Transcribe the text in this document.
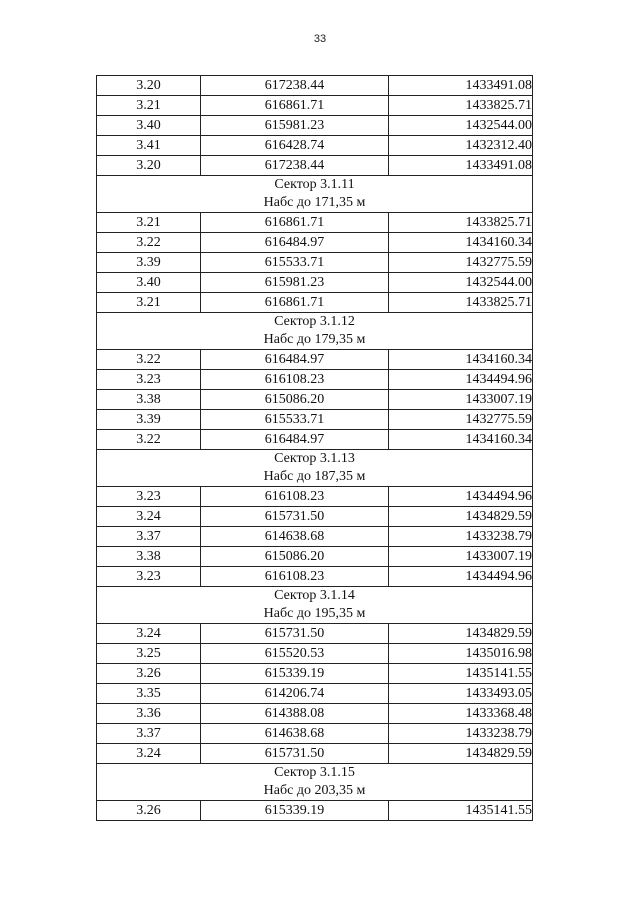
33
3.20	617238.44	1433491.08
3.21	616861.71	1433825.71
3.40	615981.23	1432544.00
3.41	616428.74	1432312.40
3.20	617238.44	1433491.08

Сектор 3.1.11
Набс до 171,35 м		

3.21	616861.71	1433825.71
3.22	616484.97	1434160.34
3.39	615533.71	1432775.59
3.40	615981.23	1432544.00
3.21	616861.71	1433825.71

Сектор 3.1.12
Набс до 179,35 м		

3.22	616484.97	1434160.34
3.23	616108.23	1434494.96
3.38	615086.20	1433007.19
3.39	615533.71	1432775.59
3.22	616484.97	1434160.34

Сектор 3.1.13
Набс до 187,35 м		

3.23	616108.23	1434494.96
3.24	615731.50	1434829.59
3.37	614638.68	1433238.79
3.38	615086.20	1433007.19
3.23	616108.23	1434494.96

Сектор 3.1.14
Набс до 195,35 м		

3.24	615731.50	1434829.59
3.25	615520.53	1435016.98
3.26	615339.19	1435141.55
3.35	614206.74	1433493.05
3.36	614388.08	1433368.48
3.37	614638.68	1433238.79
3.24	615731.50	1434829.59

Сектор 3.1.15
Набс до 203,35 м		

3.26	615339.19	1435141.55
